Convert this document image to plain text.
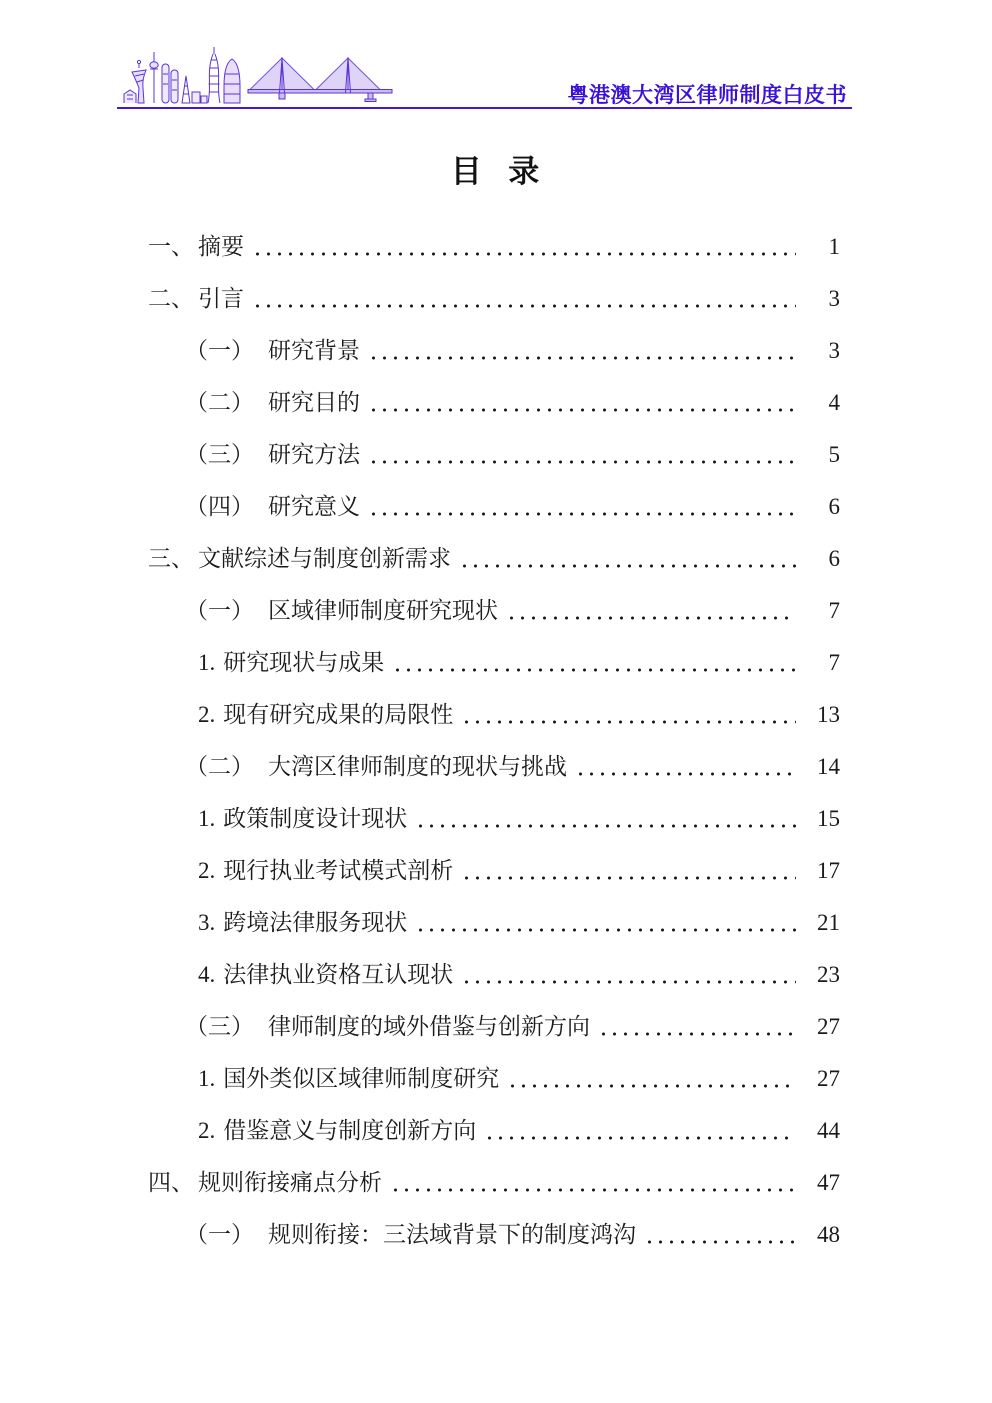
粤港澳大湾区律师制度白皮书
目 录
一、 摘要	1
二、 引言	3
（一） 研究背景	3
（二） 研究目的	4
（三） 研究方法	5
（四） 研究意义	6
三、 文献综述与制度创新需求	6
（一） 区域律师制度研究现状	7
1. 研究现状与成果	7
2. 现有研究成果的局限性	13
（二） 大湾区律师制度的现状与挑战	14
1. 政策制度设计现状	15
2. 现行执业考试模式剖析	17
3. 跨境法律服务现状	21
4. 法律执业资格互认现状	23
（三） 律师制度的域外借鉴与创新方向	27
1. 国外类似区域律师制度研究	27
2. 借鉴意义与制度创新方向	44
四、 规则衔接痛点分析	47
（一） 规则衔接：三法域背景下的制度鸿沟	48
